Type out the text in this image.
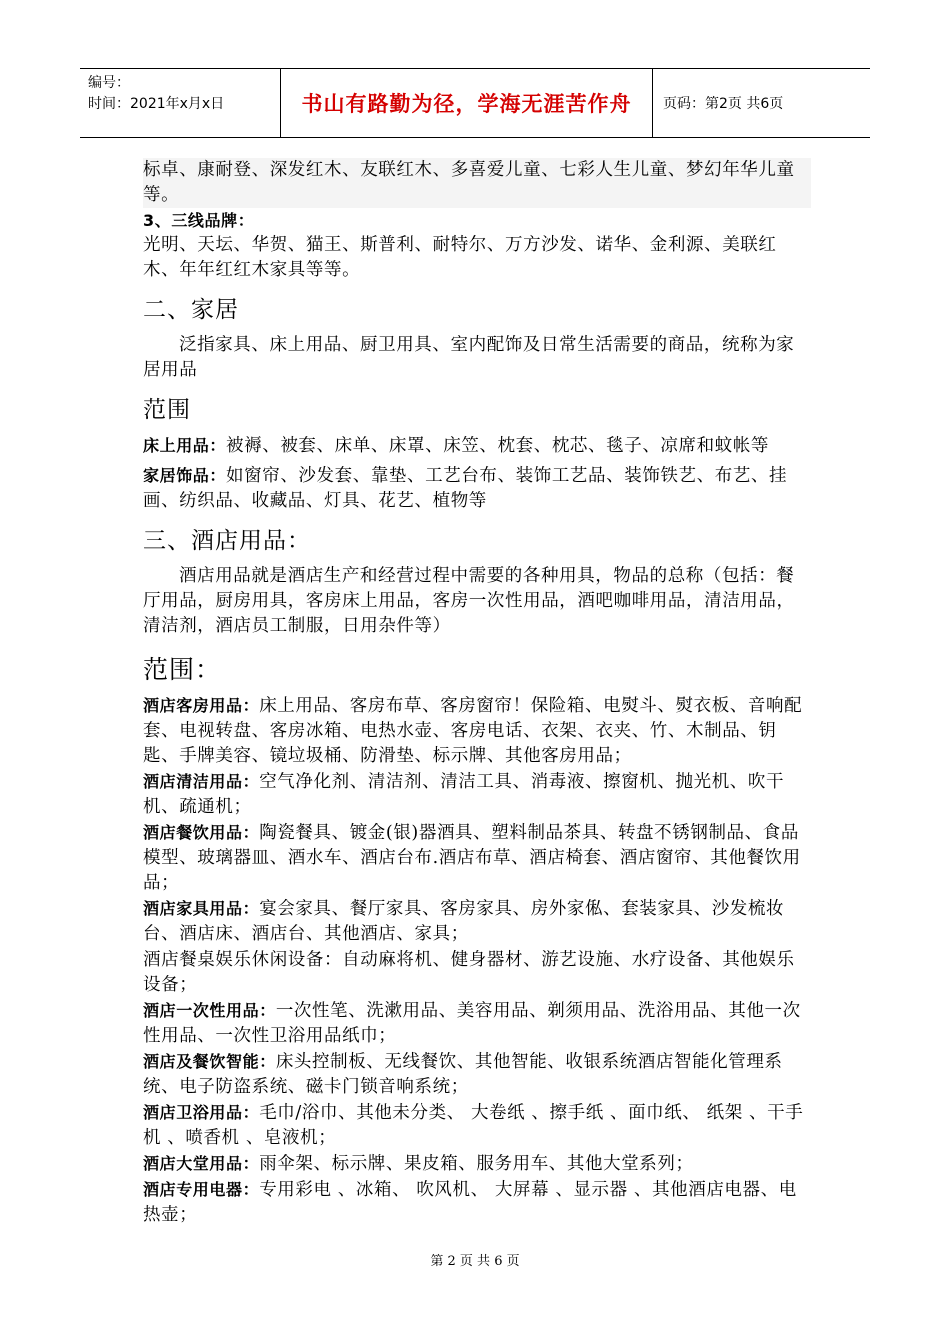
编号：
时间：2021年x月x日	书山有路勤为径，学海无涯苦作舟	页码：第2页 共6页

标卓、康耐登、深发红木、友联红木、多喜爱儿童、七彩人生儿童、梦幻年华儿童等。

3、三线品牌：

光明、天坛、华贺、猫王、斯普利、耐特尔、万方沙发、诺华、金利源、美联红木、年年红红木家具等等。

二、家居

泛指家具、床上用品、厨卫用具、室内配饰及日常生活需要的商品，统称为家居用品

范围

床上用品：被褥、被套、床单、床罩、床笠、枕套、枕芯、毯子、凉席和蚊帐等

家居饰品：如窗帘、沙发套、靠垫、工艺台布、装饰工艺品、装饰铁艺、布艺、挂画、纺织品、收藏品、灯具、花艺、植物等

三、酒店用品：

酒店用品就是酒店生产和经营过程中需要的各种用具，物品的总称（包括：餐厅用品，厨房用具，客房床上用品，客房一次性用品，酒吧咖啡用品，清洁用品，清洁剂，酒店员工制服，日用杂件等）

范围：

酒店客房用品：床上用品、客房布草、客房窗帘！保险箱、电熨斗、熨衣板、音响配套、电视转盘、客房冰箱、电热水壶、客房电话、衣架、衣夹、竹、木制品、钥匙、手牌美容、镜垃圾桶、防滑垫、标示牌、其他客房用品；

酒店清洁用品：空气净化剂、清洁剂、清洁工具、消毒液、擦窗机、抛光机、吹干机、疏通机；

酒店餐饮用品：陶瓷餐具、镀金(银)器酒具、塑料制品茶具、转盘不锈钢制品、食品模型、玻璃器皿、酒水车、酒店台布.酒店布草、酒店椅套、酒店窗帘、其他餐饮用品；

酒店家具用品：宴会家具、餐厅家具、客房家具、房外家俬、套装家具、沙发梳妆台、酒店床、酒店台、其他酒店、家具；

酒店餐桌娱乐休闲设备：自动麻将机、健身器材、游艺设施、水疗设备、其他娱乐设备；

酒店一次性用品：一次性笔、洗漱用品、美容用品、剃须用品、洗浴用品、其他一次性用品、一次性卫浴用品纸巾；

酒店及餐饮智能：床头控制板、无线餐饮、其他智能、收银系统酒店智能化管理系统、电子防盗系统、磁卡门锁音响系统；

酒店卫浴用品：毛巾/浴巾、其他未分类、 大卷纸 、擦手纸 、面巾纸、 纸架 、干手机 、喷香机 、皂液机；

酒店大堂用品：雨伞架、标示牌、果皮箱、服务用车、其他大堂系列；

酒店专用电器：专用彩电 、冰箱、 吹风机、 大屏幕 、显示器 、其他酒店电器、电热壶；

第 2 页 共 6 页
